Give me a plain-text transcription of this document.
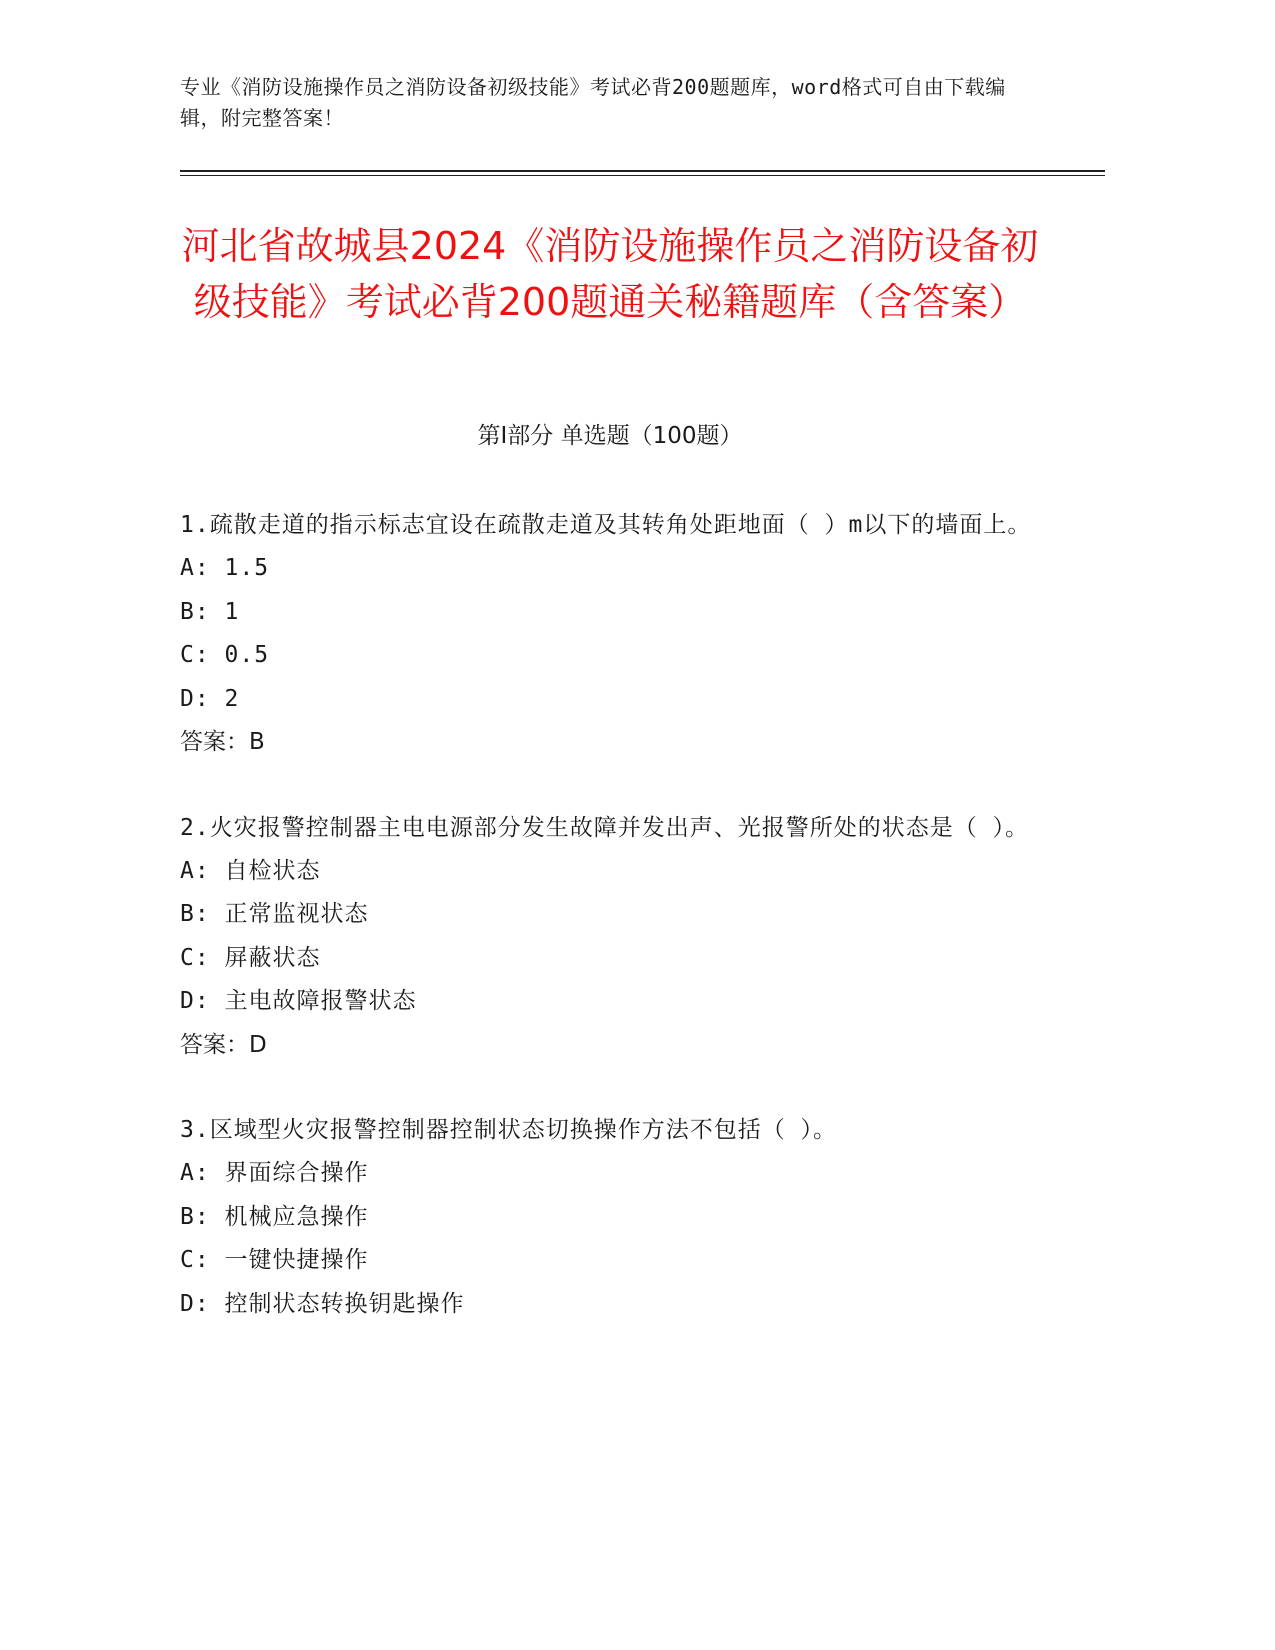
专业《消防设施操作员之消防设备初级技能》考试必背200题题库，word格式可自由下载编辑，附完整答案！
河北省故城县2024《消防设施操作员之消防设备初级技能》考试必背200题通关秘籍题库（含答案）
第Ⅰ部分 单选题（100题）
1.疏散走道的指示标志宜设在疏散走道及其转角处距地面（ ）m以下的墙面上。
A: 1.5
B: 1
C: 0.5
D: 2
答案：B
2.火灾报警控制器主电电源部分发生故障并发出声、光报警所处的状态是（ ）。
A: 自检状态
B: 正常监视状态
C: 屏蔽状态
D: 主电故障报警状态
答案：D
3.区域型火灾报警控制器控制状态切换操作方法不包括（ ）。
A: 界面综合操作
B: 机械应急操作
C: 一键快捷操作
D: 控制状态转换钥匙操作
